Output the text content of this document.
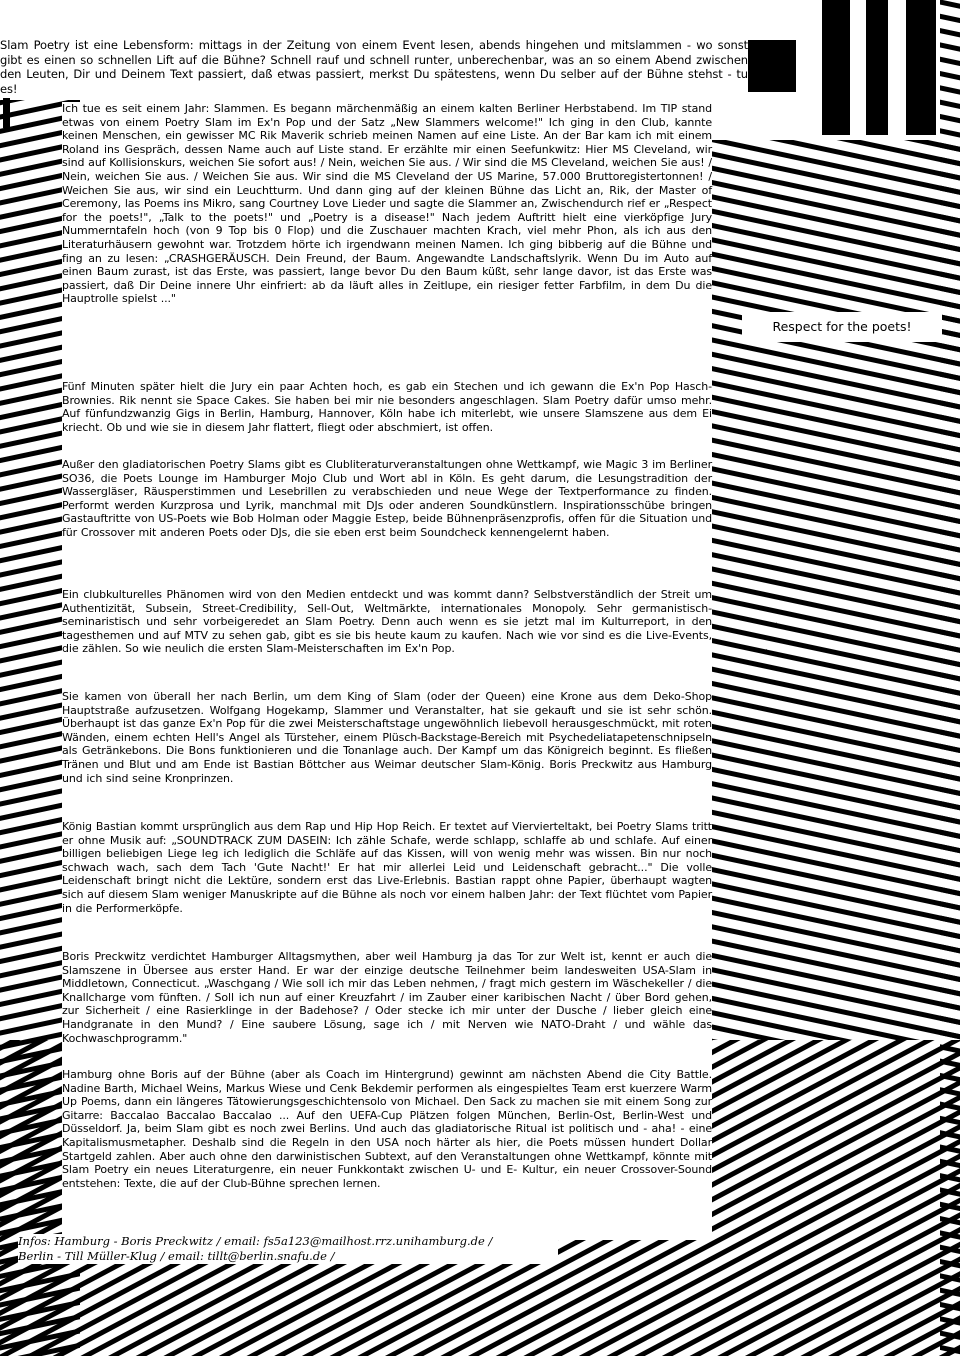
Slam Poetry ist eine Lebensform: mittags in der Zeitung von einem Event lesen, abends hingehen und mitslammen - wo sonst gibt es einen so schnellen Lift auf die Bühne? Schnell rauf und schnell runter, unberechenbar, was an so einem Abend zwischen den Leuten, Dir und Deinem Text passiert, daß etwas passiert, merkst Du spätestens, wenn Du selber auf der Bühne stehst - tu es!
Ich tue es seit einem Jahr: Slammen. Es begann märchenmäßig an einem kalten Berliner Herbstabend. Im TIP stand etwas von einem Poetry Slam im Ex'n Pop und der Satz „New Slammers welcome!" Ich ging in den Club, kannte keinen Menschen, ein gewisser MC Rik Maverik schrieb meinen Namen auf eine Liste. An der Bar kam ich mit einem Roland ins Gespräch, dessen Name auch auf Liste stand. Er erzählte mir einen Seefunkwitz: Hier MS Cleveland, wir sind auf Kollisionskurs, weichen Sie sofort aus! / Nein, weichen Sie aus. / Wir sind die MS Cleveland, weichen Sie aus! / Nein, weichen Sie aus. / Weichen Sie aus. Wir sind die MS Cleveland der US Marine, 57.000 Bruttoregistertonnen! / Weichen Sie aus, wir sind ein Leuchtturm. Und dann ging auf der kleinen Bühne das Licht an, Rik, der Master of Ceremony, las Poems ins Mikro, sang Courtney Love Lieder und sagte die Slammer an, Zwischendurch rief er „Respect for the poets!", „Talk to the poets!" und „Poetry is a disease!" Nach jedem Auftritt hielt eine vierköpfige Jury Nummerntafeln hoch (von 9 Top bis 0 Flop) und die Zuschauer machten Krach, viel mehr Phon, als ich aus den Literaturhäusern gewohnt war. Trotzdem hörte ich irgendwann meinen Namen. Ich ging bibberig auf die Bühne und fing an zu lesen: „CRASHGERÄUSCH. Dein Freund, der Baum. Angewandte Landschaftslyrik. Wenn Du im Auto auf einen Baum zurast, ist das Erste, was passiert, lange bevor Du den Baum küßt, sehr lange davor, ist das Erste was passiert, daß Dir Deine innere Uhr einfriert: ab da läuft alles in Zeitlupe, ein riesiger fetter Farbfilm, in dem Du die Hauptrolle spielst ..."
Fünf Minuten später hielt die Jury ein paar Achten hoch, es gab ein Stechen und ich gewann die Ex'n Pop Hasch-Brownies. Rik nennt sie Space Cakes. Sie haben bei mir nie besonders angeschlagen. Slam Poetry dafür umso mehr. Auf fünfundzwanzig Gigs in Berlin, Hamburg, Hannover, Köln habe ich miterlebt, wie unsere Slamszene aus dem Ei kriecht. Ob und wie sie in diesem Jahr flattert, fliegt oder abschmiert, ist offen.
Außer den gladiatorischen Poetry Slams gibt es Clubliteraturveranstaltungen ohne Wettkampf, wie Magic 3 im Berliner SO36, die Poets Lounge im Hamburger Mojo Club und Wort abl in Köln. Es geht darum, die Lesungstradition der Wassergläser, Räusperstimmen und Lesebrillen zu verabschieden und neue Wege der Textperformance zu finden. Performt werden Kurzprosa und Lyrik, manchmal mit DJs oder anderen Soundkünstlern. Inspirationsschübe bringen Gastauftritte von US-Poets wie Bob Holman oder Maggie Estep, beide Bühnenpräsenzprofis, offen für die Situation und für Crossover mit anderen Poets oder DJs, die sie eben erst beim Soundcheck kennengelernt haben.
Ein clubkulturelles Phänomen wird von den Medien entdeckt und was kommt dann? Selbstverständlich der Streit um Authentizität, Subsein, Street-Credibility, Sell-Out, Weltmärkte, internationales Monopoly. Sehr germanistisch-seminaristisch und sehr vorbeigeredet an Slam Poetry. Denn auch wenn es sie jetzt mal im Kulturreport, in den tagesthemen und auf MTV zu sehen gab, gibt es sie bis heute kaum zu kaufen. Nach wie vor sind es die Live-Events, die zählen. So wie neulich die ersten Slam-Meisterschaften im Ex'n Pop.
Sie kamen von überall her nach Berlin, um dem King of Slam (oder der Queen) eine Krone aus dem Deko-Shop Hauptstraße aufzusetzen. Wolfgang Hogekamp, Slammer und Veranstalter, hat sie gekauft und sie ist sehr schön. Überhaupt ist das ganze Ex'n Pop für die zwei Meisterschaftstage ungewöhnlich liebevoll herausgeschmückt, mit roten Wänden, einem echten Hell's Angel als Türsteher, einem Plüsch-Backstage-Bereich mit Psychedeliatapetenschnipseln als Getränkebons. Die Bons funktionieren und die Tonanlage auch. Der Kampf um das Königreich beginnt. Es fließen Tränen und Blut und am Ende ist Bastian Böttcher aus Weimar deutscher Slam-König. Boris Preckwitz aus Hamburg und ich sind seine Kronprinzen.
König Bastian kommt ursprünglich aus dem Rap und Hip Hop Reich. Er textet auf Viervierteltakt, bei Poetry Slams tritt er ohne Musik auf: „SOUNDTRACK ZUM DASEIN: Ich zähle Schafe, werde schlapp, schlaffe ab und schlafe. Auf einer billigen beliebigen Liege leg ich lediglich die Schläfe auf das Kissen, will von wenig mehr was wissen. Bin nur noch schwach wach, sach dem Tach 'Gute Nacht!' Er hat mir allerlei Leid und Leidenschaft gebracht..." Die volle Leidenschaft bringt nicht die Lektüre, sondern erst das Live-Erlebnis. Bastian rappt ohne Papier, überhaupt wagten sich auf diesem Slam weniger Manuskripte auf die Bühne als noch vor einem halben Jahr: der Text flüchtet vom Papier in die Performerköpfe.
Boris Preckwitz verdichtet Hamburger Alltagsmythen, aber weil Hamburg ja das Tor zur Welt ist, kennt er auch die Slamszene in Übersee aus erster Hand. Er war der einzige deutsche Teilnehmer beim landesweiten USA-Slam in Middletown, Connecticut. „Waschgang / Wie soll ich mir das Leben nehmen, / fragt mich gestern im Wäschekeller / die Knallcharge vom fünften. / Soll ich nun auf einer Kreuzfahrt / im Zauber einer karibischen Nacht / über Bord gehen, zur Sicherheit / eine Rasierklinge in der Badehose? / Oder stecke ich mir unter der Dusche / lieber gleich eine Handgranate in den Mund? / Eine saubere Lösung, sage ich / mit Nerven wie NATO-Draht / und wähle das Kochwaschprogramm."
Hamburg ohne Boris auf der Bühne (aber als Coach im Hintergrund) gewinnt am nächsten Abend die City Battle. Nadine Barth, Michael Weins, Markus Wiese und Cenk Bekdemir performen als eingespieltes Team erst kuerzere Warm Up Poems, dann ein längeres Tätowierungsgeschichtensolo von Michael. Den Sack zu machen sie mit einem Song zur Gitarre: Baccalao Baccalao Baccalao ... Auf den UEFA-Cup Plätzen folgen München, Berlin-Ost, Berlin-West und Düsseldorf. Ja, beim Slam gibt es noch zwei Berlins. Und auch das gladiatorische Ritual ist politisch und - aha! - eine Kapitalismusmetapher. Deshalb sind die Regeln in den USA noch härter als hier, die Poets müssen hundert Dollar Startgeld zahlen. Aber auch ohne den darwinistischen Subtext, auf den Veranstaltungen ohne Wettkampf, könnte mit Slam Poetry ein neues Literaturgenre, ein neuer Funkkontakt zwischen U- und E- Kultur, ein neuer Crossover-Sound entstehen: Texte, die auf der Club-Bühne sprechen lernen.
Respect for the poets!
Infos: Hamburg - Boris Preckwitz / email: fs5a123@mailhost.rrz.unihamburg.de /
Berlin - Till Müller-Klug / email: tillt@berlin.snafu.de /
